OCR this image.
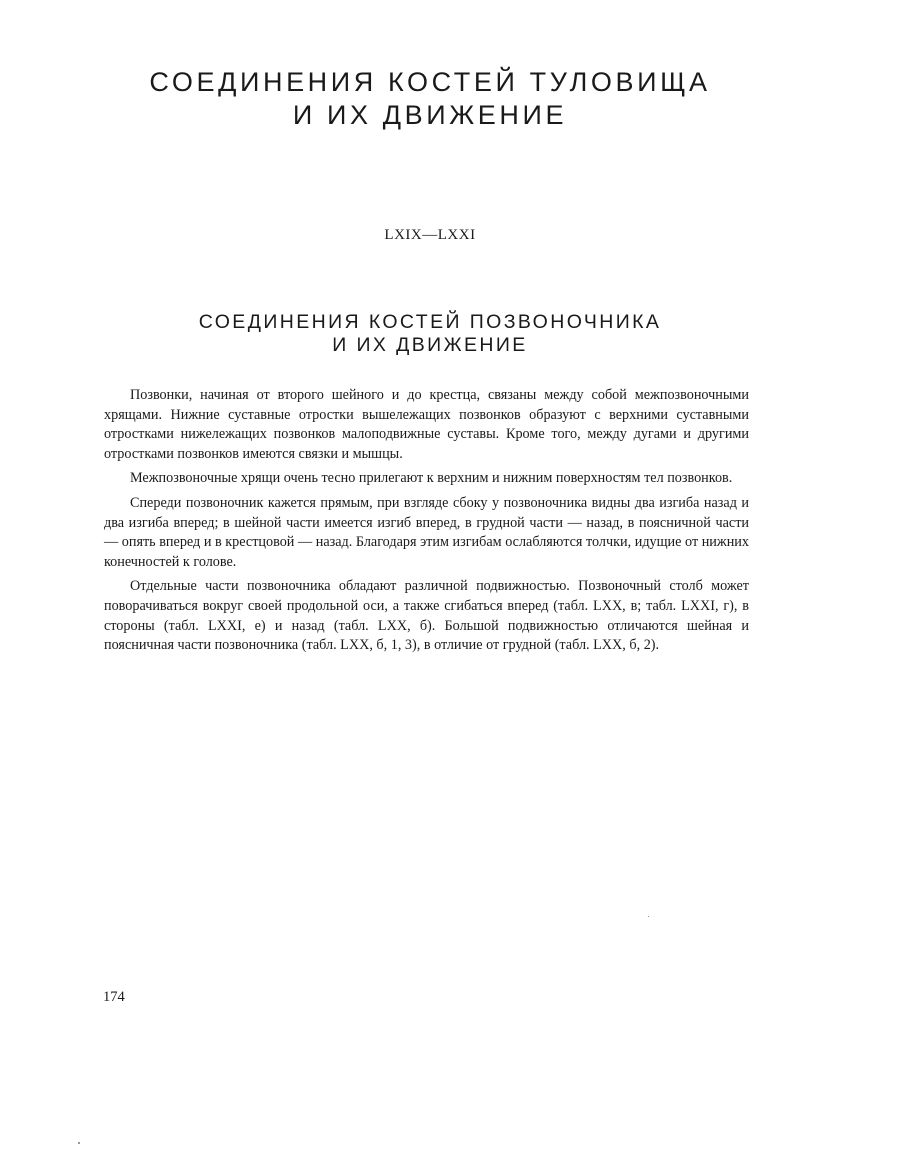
СОЕДИНЕНИЯ КОСТЕЙ ТУЛОВИЩА
И ИХ ДВИЖЕНИЕ
LXIX—LXXI
СОЕДИНЕНИЯ КОСТЕЙ ПОЗВОНОЧНИКА
И ИХ ДВИЖЕНИЕ

Позвонки, начиная от второго шейного и до крестца, связаны между собой межпозвоночными хрящами. Нижние суставные отростки вышележащих позвонков образуют с верхними суставными отростками нижележащих позвонков малоподвижные суставы. Кроме того, между дугами и другими отростками позвонков имеются связки и мышцы.

Межпозвоночные хрящи очень тесно прилегают к верхним и нижним поверхностям тел позвонков.

Спереди позвоночник кажется прямым, при взгляде сбоку у позвоночника видны два изгиба назад и два изгиба вперед; в шейной части имеется изгиб вперед, в грудной части — назад, в поясничной части — опять вперед и в крестцовой — назад. Благодаря этим изгибам ослабляются толчки, идущие от нижних конечностей к голове.

Отдельные части позвоночника обладают различной подвижностью. Позвоночный столб может поворачиваться вокруг своей продольной оси, а также сгибаться вперед (табл. LXX, в; табл. LXXI, г), в стороны (табл. LXXI, е) и назад (табл. LXX, б). Большой подвижностью отличаются шейная и поясничная части позвоночника (табл. LXX, б, 1, 3), в отличие от грудной (табл. LXX, б, 2).

174
